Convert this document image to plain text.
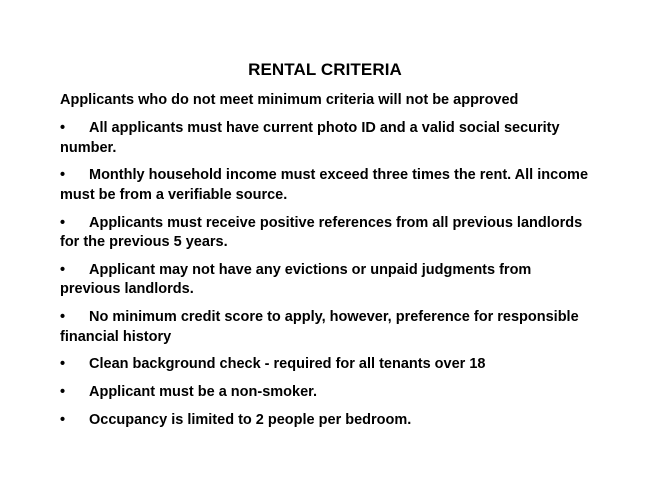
RENTAL CRITERIA
Applicants who do not meet minimum criteria will not be approved
• All applicants must have current photo ID and a valid social security number.
• Monthly household income must exceed three times the rent. All income must be from a verifiable source.
• Applicants must receive positive references from all previous landlords for the previous 5 years.
• Applicant may not have any evictions or unpaid judgments from previous landlords.
• No minimum credit score to apply, however, preference for responsible financial history
• Clean background check - required for all tenants over 18
• Applicant must be a non-smoker.
• Occupancy is limited to 2 people per bedroom.
